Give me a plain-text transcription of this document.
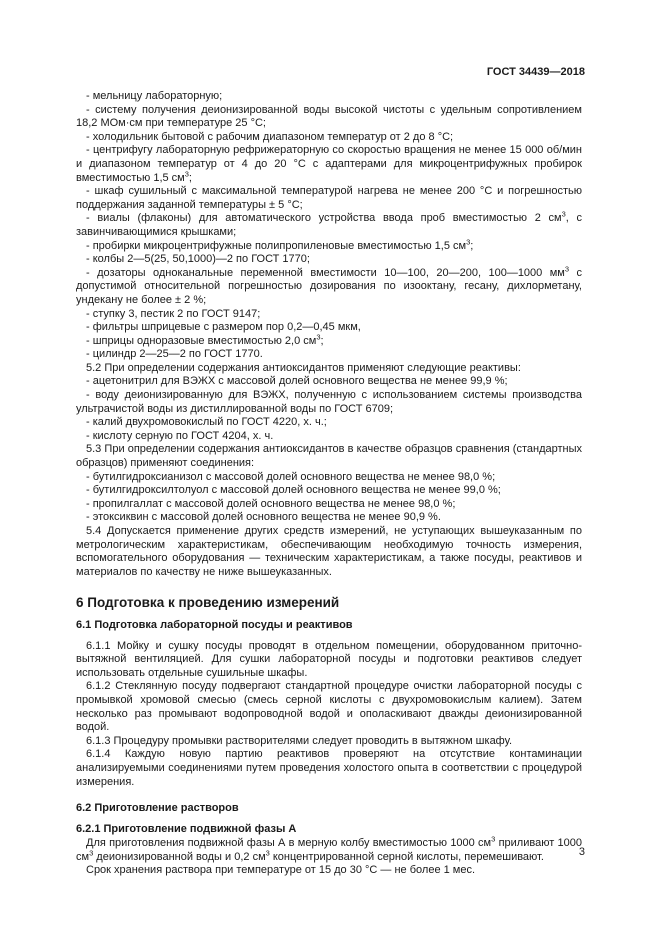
ГОСТ 34439—2018

- мельницу лабораторную;

- систему получения деионизированной воды высокой чистоты с удельным сопротивлением 18,2 МОм·см при температуре 25 °С;

- холодильник бытовой с рабочим диапазоном температур от 2 до 8 °С;

- центрифугу лабораторную рефрижераторную со скоростью вращения не менее 15 000 об/мин и диапазоном температур от 4 до 20 °С с адаптерами для микроцентрифужных пробирок вместимостью 1,5 $см^3$;

- шкаф сушильный с максимальной температурой нагрева не менее 200 °С и погрешностью поддержания заданной температуры ± 5 °С;

- виалы (флаконы) для автоматического устройства ввода проб вместимостью 2 $см^3$, с завинчивающимися крышками;

- пробирки микроцентрифужные полипропиленовые вместимостью 1,5 $см^3$;

- колбы 2—5(25, 50,1000)—2 по ГОСТ 1770;

- дозаторы одноканальные переменной вместимости 10—100, 20—200, 100—1000 $мм^3$ с допустимой относительной погрешностью дозирования по изооктану, гесану, дихлорметану, ундекану не более ± 2 %;

- ступку 3, пестик 2 по ГОСТ 9147;

- фильтры шприцевые с размером пор 0,2—0,45 мкм,

- шприцы одноразовые вместимостью 2,0 $см^3$;

- цилиндр 2—25—2 по ГОСТ 1770.

5.2 При определении содержания антиоксидантов применяют следующие реактивы:

- ацетонитрил для ВЭЖХ с массовой долей основного вещества не менее 99,9 %;

- воду деионизированную для ВЭЖХ, полученную с использованием системы производства ультрачистой воды из дистиллированной воды по ГОСТ 6709;

- калий двухромовокислый по ГОСТ 4220, х. ч.;

- кислоту серную по ГОСТ 4204, х. ч.

5.3 При определении содержания антиоксидантов в качестве образцов сравнения (стандартных образцов) применяют соединения:

- бутилгидроксианизол с массовой долей основного вещества не менее 98,0 %;

- бутилгидроксилтолуол с массовой долей основного вещества не менее 99,0 %;

- пропилгаллат с массовой долей основного вещества не менее 98,0 %;

- этоксиквин с массовой долей основного вещества не менее 90,9 %.

5.4 Допускается применение других средств измерений, не уступающих вышеуказанным по метрологическим характеристикам, обеспечивающим необходимую точность измерения, вспомогательного оборудования — техническим характеристикам, а также посуды, реактивов и материалов по качеству не ниже вышеуказанных.

6 Подготовка к проведению измерений

6.1 Подготовка лабораторной посуды и реактивов

6.1.1 Мойку и сушку посуды проводят в отдельном помещении, оборудованном приточно-вытяжной вентиляцией. Для сушки лабораторной посуды и подготовки реактивов следует использовать отдельные сушильные шкафы.

6.1.2 Стеклянную посуду подвергают стандартной процедуре очистки лабораторной посуды с промывкой хромовой смесью (смесь серной кислоты с двухромовокислым калием). Затем несколько раз промывают водопроводной водой и ополаскивают дважды деионизированной водой.

6.1.3 Процедуру промывки растворителями следует проводить в вытяжном шкафу.

6.1.4 Каждую новую партию реактивов проверяют на отсутствие контаминации анализируемыми соединениями путем проведения холостого опыта в соответствии с процедурой измерения.

6.2 Приготовление растворов

6.2.1 Приготовление подвижной фазы А

Для приготовления подвижной фазы А в мерную колбу вместимостью 1000 $см^3$ приливают 1000 $см^3$ деионизированной воды и 0,2 $см^3$ концентрированной серной кислоты, перемешивают.

Срок хранения раствора при температуре от 15 до 30 °С — не более 1 мес.

3
